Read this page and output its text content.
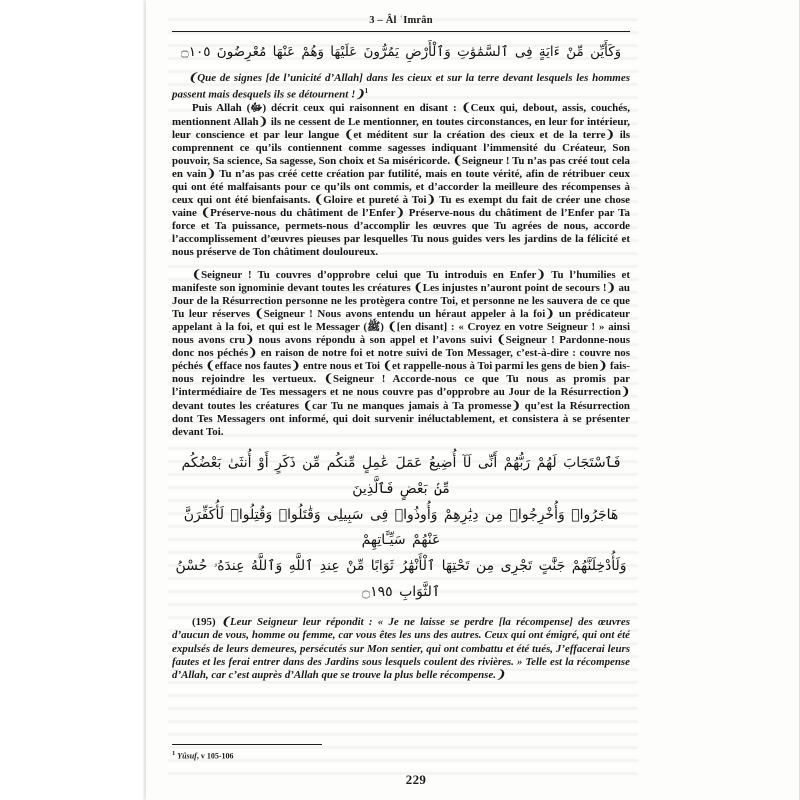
3 – Âl ʿImrân
وَكَأَيِّن مِّنْ ءَايَةٍ فِى ٱلسَّمَٰوَٰتِ وَٱلْأَرْضِ يَمُرُّونَ عَلَيْهَا وَهُمْ عَنْهَا مُعْرِضُونَ ۝١٠٥

❨Que de signes [de l’unicité d’Allah] dans les cieux et sur la terre devant lesquels les hommes passent mais desquels ils se détournent !❩$^1$

Puis Allah (ﷻ) décrit ceux qui raisonnent en disant : ❨Ceux qui, debout, assis, couchés, mentionnent Allah❩ ils ne cessent de Le mentionner, en toutes circonstances, en leur for intérieur, leur conscience et par leur langue ❨et méditent sur la création des cieux et de la terre❩ ils comprennent ce qu’ils contiennent comme sagesses indiquant l’immensité du Créateur, Son pouvoir, Sa science, Sa sagesse, Son choix et Sa miséricorde. ❨Seigneur ! Tu n’as pas créé tout cela en vain❩ Tu n’as pas créé cette création par futilité, mais en toute vérité, afin de rétribuer ceux qui ont été malfaisants pour ce qu’ils ont commis, et d’accorder la meilleure des récompenses à ceux qui ont été bienfaisants. ❨Gloire et pureté à Toi❩ Tu es exempt du fait de créer une chose vaine ❨Préserve-nous du châtiment de l’Enfer❩ Préserve-nous du châtiment de l’Enfer par Ta force et Ta puissance, permets-nous d’accomplir les œuvres que Tu agrées de nous, accorde l’accomplissement d’œuvres pieuses par lesquelles Tu nous guides vers les jardins de la félicité et nous préserve de Ton châtiment douloureux.

❨Seigneur ! Tu couvres d’opprobre celui que Tu introduis en Enfer❩ Tu l’humilies et manifeste son ignominie devant toutes les créatures ❨Les injustes n’auront point de secours !❩ au Jour de la Résurrection personne ne les protègera contre Toi, et personne ne les sauvera de ce que Tu leur réserves ❨Seigneur ! Nous avons entendu un héraut appeler à la foi❩ un prédicateur appelant à la foi, et qui est le Messager (ﷺ) ❨[en disant] : « Croyez en votre Seigneur ! » ainsi nous avons cru❩ nous avons répondu à son appel et l’avons suivi ❨Seigneur ! Pardonne-nous donc nos péchés❩ en raison de notre foi et notre suivi de Ton Messager, c’est-à-dire : couvre nos péchés ❨efface nos fautes❩ entre nous et Toi ❨et rappelle-nous à Toi parmi les gens de bien❩ fais-nous rejoindre les vertueux. ❨Seigneur ! Accorde-nous ce que Tu nous as promis par l’intermédiaire de Tes messagers et ne nous couvre pas d’opprobre au Jour de la Résurrection❩ devant toutes les créatures ❨car Tu ne manques jamais à Ta promesse❩ qu’est la Résurrection dont Tes Messagers ont informé, qui doit survenir inéluctablement, et consistera à se présenter devant Toi.

فَٱسْتَجَابَ لَهُمْ رَبُّهُمْ أَنِّى لَآ أُضِيعُ عَمَلَ عَٰمِلٍ مِّنكُم مِّن ذَكَرٍ أَوْ أُنثَىٰ بَعْضُكُم مِّنۢ بَعْضٍ فَٱلَّذِينَ
هَاجَرُوا۟ وَأُخْرِجُوا۟ مِن دِيَٰرِهِمْ وَأُوذُوا۟ فِى سَبِيلِى وَقَٰتَلُوا۟ وَقُتِلُوا۟ لَأُكَفِّرَنَّ عَنْهُمْ سَيِّـَٔاتِهِمْ
وَلَأُدْخِلَنَّهُمْ جَنَّٰتٍ تَجْرِى مِن تَحْتِهَا ٱلْأَنْهَٰرُ ثَوَابًا مِّنْ عِندِ ٱللَّهِ وَٱللَّهُ عِندَهُۥ حُسْنُ ٱلثَّوَابِ ۝١٩٥

(195) ❨Leur Seigneur leur répondit : « Je ne laisse se perdre [la récompense] des œuvres d’aucun de vous, homme ou femme, car vous êtes les uns des autres. Ceux qui ont émigré, qui ont été expulsés de leurs demeures, persécutés sur Mon sentier, qui ont combattu et été tués, J’effacerai leurs fautes et les ferai entrer dans des Jardins sous lesquels coulent des rivières. » Telle est la récompense d’Allah, car c’est auprès d’Allah que se trouve la plus belle récompense.❩

$^1$ Yûsuf, v 105-106
229
